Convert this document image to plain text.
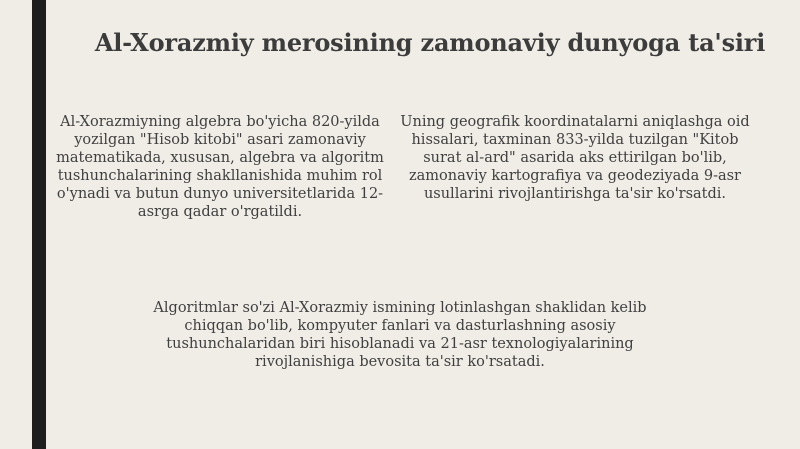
Al-Xorazmiy merosining zamonaviy dunyoga ta'siri
Al-Xorazmiyning algebra bo'yicha 820-yilda yozilgan "Hisob kitobi" asari zamonaviy matematikada, xususan, algebra va algoritm tushunchalarining shakllanishida muhim rol o'ynadi va butun dunyo universitetlarida 12-asrga qadar o'rgatildi.
Uning geografik koordinatalarni aniqlashga oid hissalari, taxminan 833-yilda tuzilgan "Kitob surat al-ard" asarida aks ettirilgan bo'lib, zamonaviy kartografiya va geodeziyada 9-asr usullarini rivojlantirishga ta'sir ko'rsatdi.
Algoritmlar so'zi Al-Xorazmiy ismining lotinlashgan shaklidan kelib chiqqan bo'lib, kompyuter fanlari va dasturlashning asosiy tushunchalaridan biri hisoblanadi va 21-asr texnologiyalarining rivojlanishiga bevosita ta'sir ko'rsatadi.
